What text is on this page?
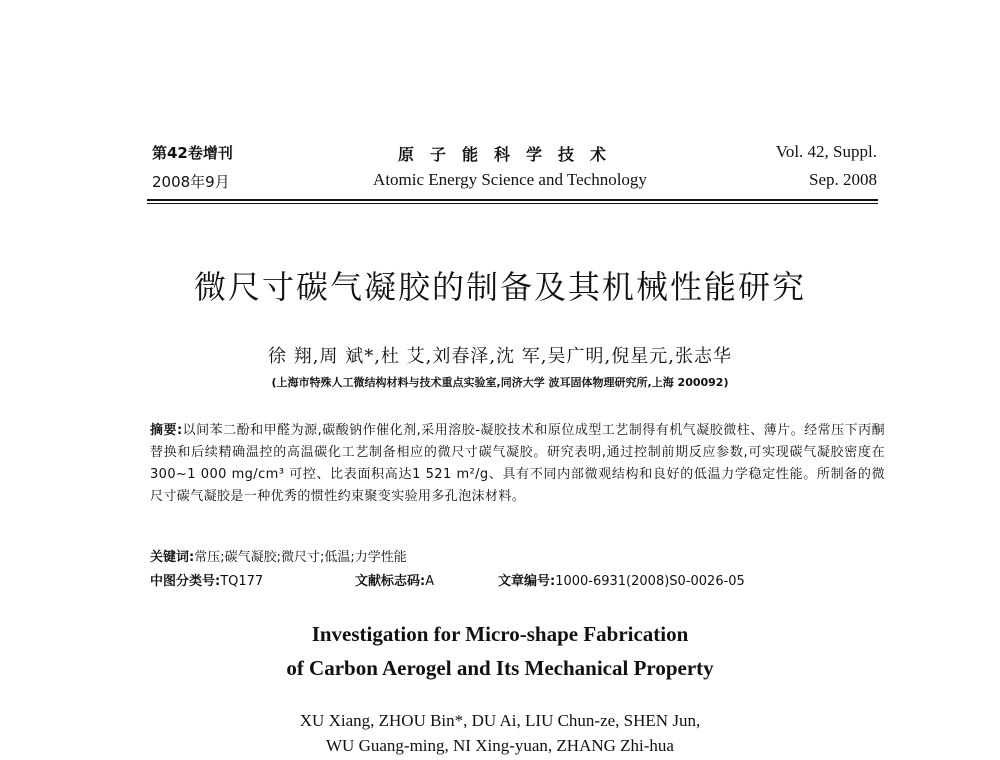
第42卷增刊
2008年9月
原子能科学技术
Atomic Energy Science and Technology
Vol. 42, Suppl.
Sep. 2008
微尺寸碳气凝胶的制备及其机械性能研究
徐 翔,周 斌*,杜 艾,刘春泽,沈 军,吴广明,倪星元,张志华
(上海市特殊人工微结构材料与技术重点实验室,同济大学 波耳固体物理研究所,上海 200092)
摘要:以间苯二酚和甲醛为源,碳酸钠作催化剂,采用溶胶-凝胶技术和原位成型工艺制得有机气凝胶微柱、薄片。经常压下丙酮替换和后续精确温控的高温碳化工艺制备相应的微尺寸碳气凝胶。研究表明,通过控制前期反应参数,可实现碳气凝胶密度在 300~1 000 mg/cm³ 可控、比表面积高达1 521 m²/g、具有不同内部微观结构和良好的低温力学稳定性能。所制备的微尺寸碳气凝胶是一种优秀的惯性约束聚变实验用多孔泡沫材料。
关键词:常压;碳气凝胶;微尺寸;低温;力学性能
中图分类号:TQ177	文献标志码:A	文章编号:1000-6931(2008)S0-0026-05
Investigation for Micro-shape Fabrication
of Carbon Aerogel and Its Mechanical Property
XU Xiang, ZHOU Bin*, DU Ai, LIU Chun-ze, SHEN Jun,
WU Guang-ming, NI Xing-yuan, ZHANG Zhi-hua
